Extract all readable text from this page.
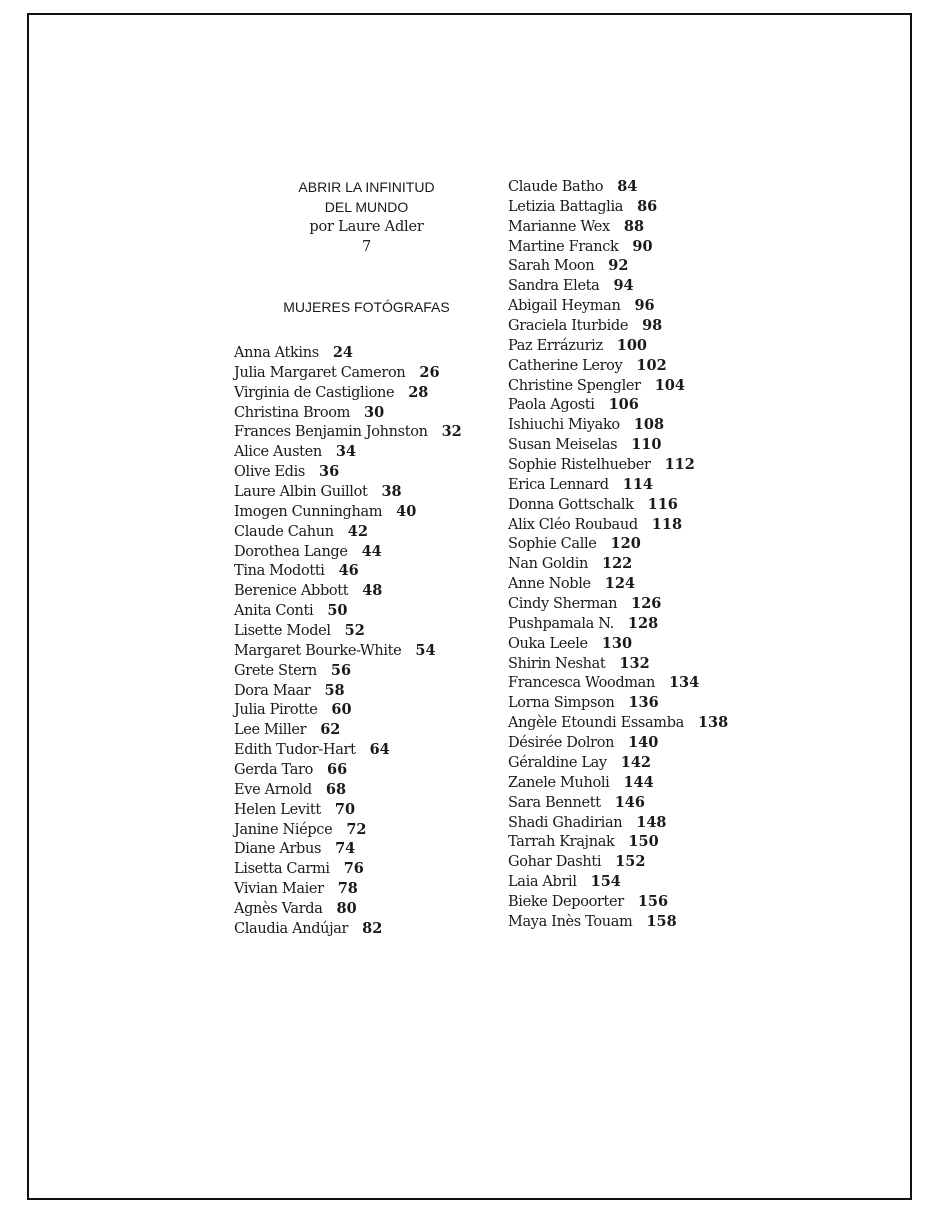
ABRIR LA INFINITUD
DEL MUNDO
por Laure Adler
7
MUJERES FOTÓGRAFAS
Anna Atkins 24
Julia Margaret Cameron 26
Virginia de Castiglione 28
Christina Broom 30
Frances Benjamin Johnston 32
Alice Austen 34
Olive Edis 36
Laure Albin Guillot 38
Imogen Cunningham 40
Claude Cahun 42
Dorothea Lange 44
Tina Modotti 46
Berenice Abbott 48
Anita Conti 50
Lisette Model 52
Margaret Bourke-White 54
Grete Stern 56
Dora Maar 58
Julia Pirotte 60
Lee Miller 62
Edith Tudor-Hart 64
Gerda Taro 66
Eve Arnold 68
Helen Levitt 70
Janine Niépce 72
Diane Arbus 74
Lisetta Carmi 76
Vivian Maier 78
Agnès Varda 80
Claudia Andújar 82
Claude Batho 84
Letizia Battaglia 86
Marianne Wex 88
Martine Franck 90
Sarah Moon 92
Sandra Eleta 94
Abigail Heyman 96
Graciela Iturbide 98
Paz Errázuriz 100
Catherine Leroy 102
Christine Spengler 104
Paola Agosti 106
Ishiuchi Miyako 108
Susan Meiselas 110
Sophie Ristelhueber 112
Erica Lennard 114
Donna Gottschalk 116
Alix Cléo Roubaud 118
Sophie Calle 120
Nan Goldin 122
Anne Noble 124
Cindy Sherman 126
Pushpamala N. 128
Ouka Leele 130
Shirin Neshat 132
Francesca Woodman 134
Lorna Simpson 136
Angèle Etoundi Essamba 138
Désirée Dolron 140
Géraldine Lay 142
Zanele Muholi 144
Sara Bennett 146
Shadi Ghadirian 148
Tarrah Krajnak 150
Gohar Dashti 152
Laia Abril 154
Bieke Depoorter 156
Maya Inès Touam 158
